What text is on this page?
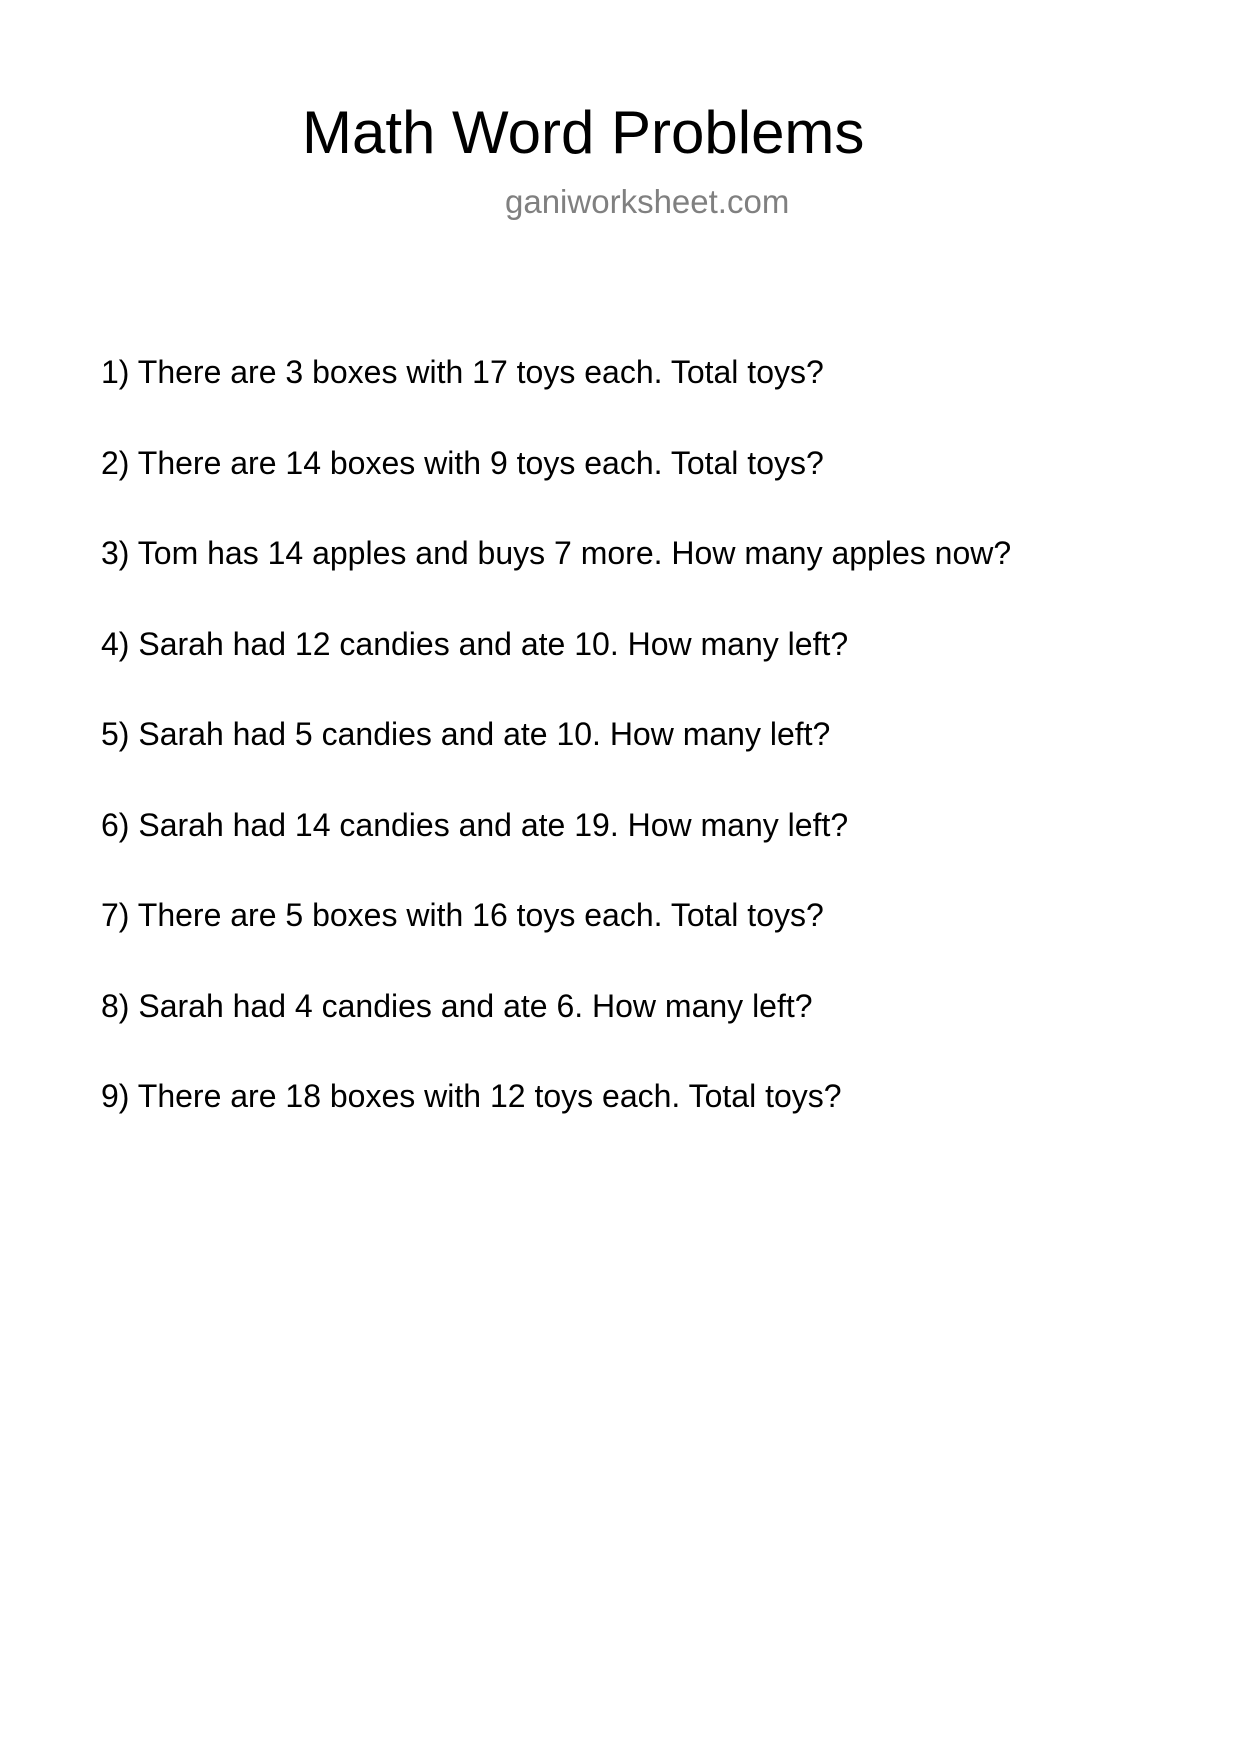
Math Word Problems
ganiworksheet.com
1) There are 3 boxes with 17 toys each. Total toys?
2) There are 14 boxes with 9 toys each. Total toys?
3) Tom has 14 apples and buys 7 more. How many apples now?
4) Sarah had 12 candies and ate 10. How many left?
5) Sarah had 5 candies and ate 10. How many left?
6) Sarah had 14 candies and ate 19. How many left?
7) There are 5 boxes with 16 toys each. Total toys?
8) Sarah had 4 candies and ate 6. How many left?
9) There are 18 boxes with 12 toys each. Total toys?
